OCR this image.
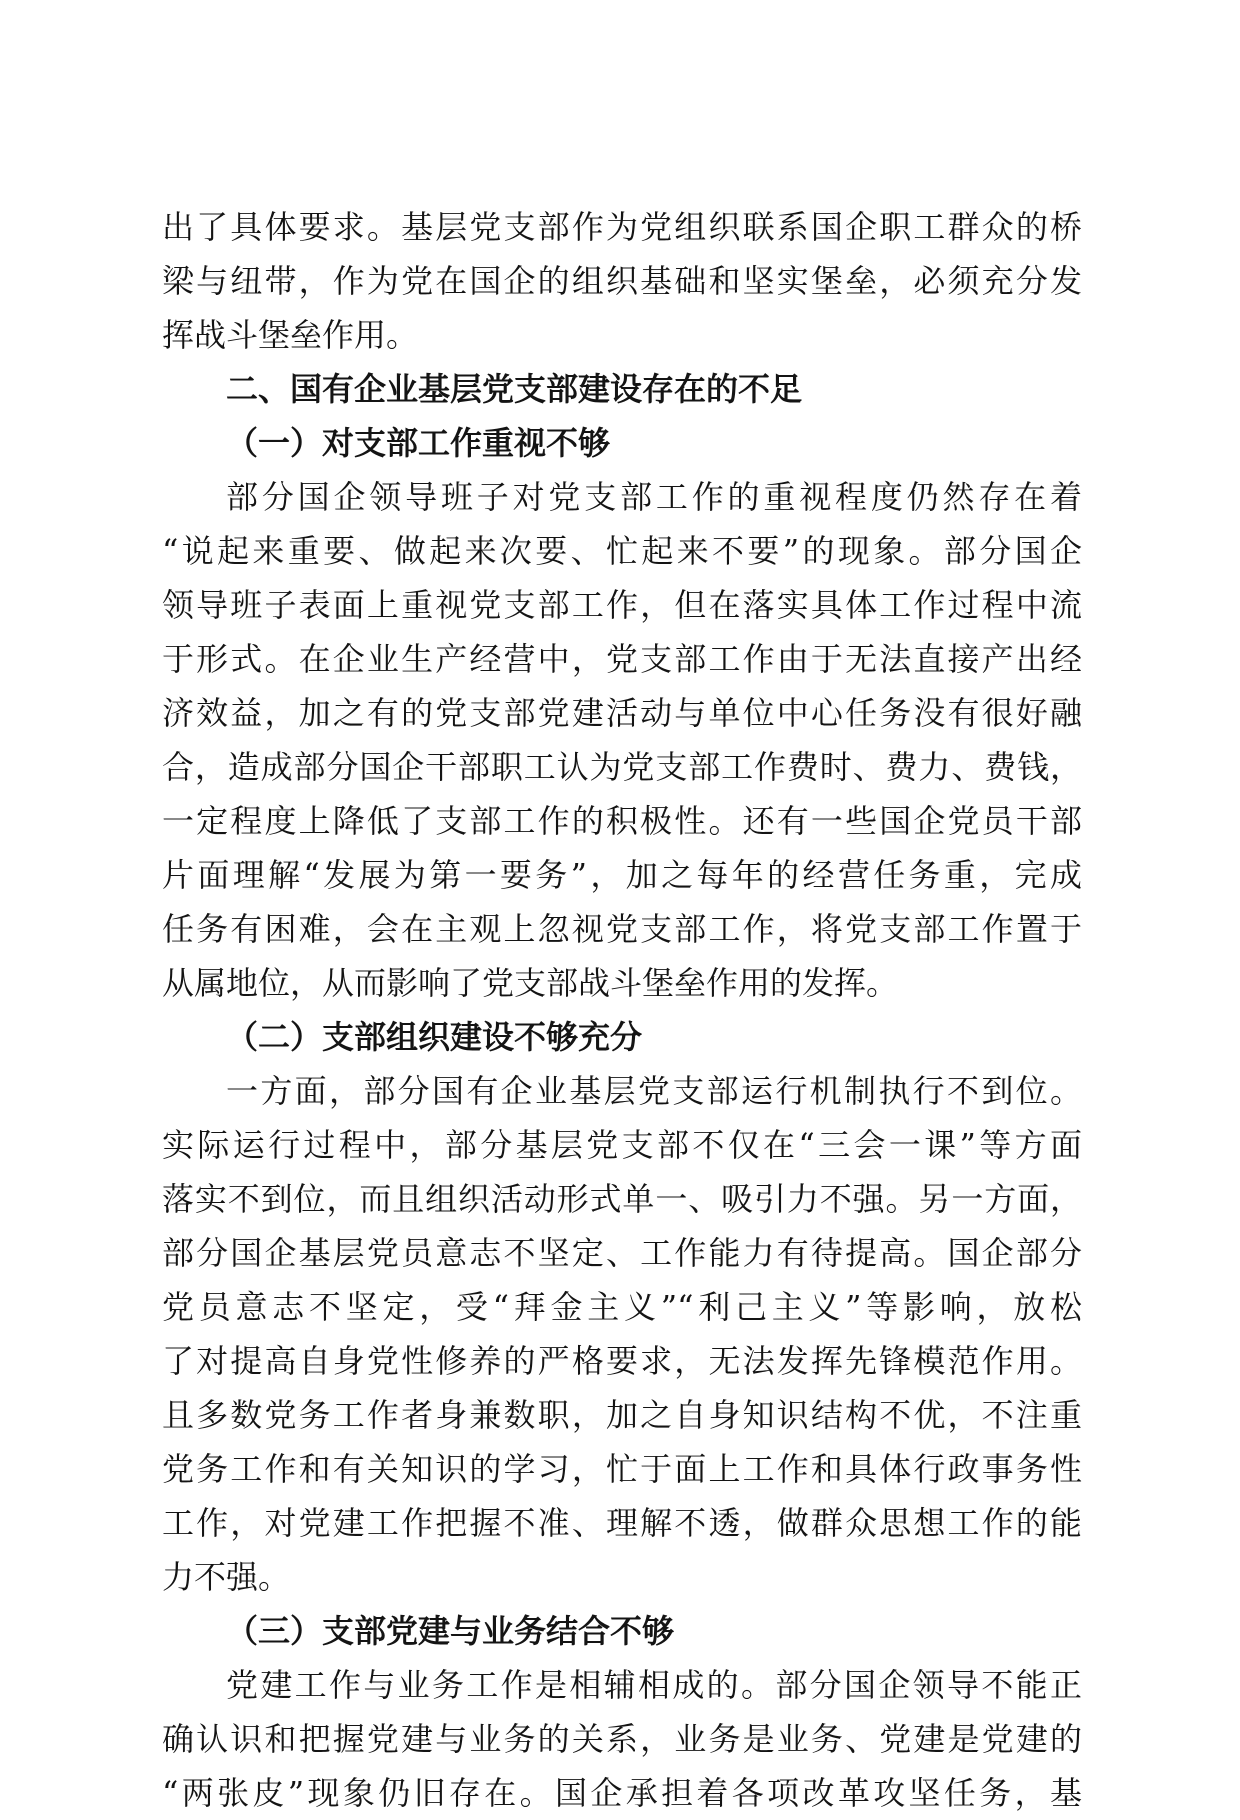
出了具体要求。基层党支部作为党组织联系国企职工群众的桥
梁与纽带，作为党在国企的组织基础和坚实堡垒，必须充分发
挥战斗堡垒作用。
二、国有企业基层党支部建设存在的不足
（一）对支部工作重视不够
部分国企领导班子对党支部工作的重视程度仍然存在着
“说起来重要、做起来次要、忙起来不要”的现象。部分国企
领导班子表面上重视党支部工作，但在落实具体工作过程中流
于形式。在企业生产经营中，党支部工作由于无法直接产出经
济效益，加之有的党支部党建活动与单位中心任务没有很好融
合，造成部分国企干部职工认为党支部工作费时、费力、费钱，
一定程度上降低了支部工作的积极性。还有一些国企党员干部
片面理解“发展为第一要务”，加之每年的经营任务重，完成
任务有困难，会在主观上忽视党支部工作，将党支部工作置于
从属地位，从而影响了党支部战斗堡垒作用的发挥。
（二）支部组织建设不够充分
一方面，部分国有企业基层党支部运行机制执行不到位。
实际运行过程中，部分基层党支部不仅在“三会一课”等方面
落实不到位，而且组织活动形式单一、吸引力不强。另一方面，
部分国企基层党员意志不坚定、工作能力有待提高。国企部分
党员意志不坚定，受“拜金主义”“利己主义”等影响，放松
了对提高自身党性修养的严格要求，无法发挥先锋模范作用。
且多数党务工作者身兼数职，加之自身知识结构不优，不注重
党务工作和有关知识的学习，忙于面上工作和具体行政事务性
工作，对党建工作把握不准、理解不透，做群众思想工作的能
力不强。
（三）支部党建与业务结合不够
党建工作与业务工作是相辅相成的。部分国企领导不能正
确认识和把握党建与业务的关系，业务是业务、党建是党建的
“两张皮”现象仍旧存在。国企承担着各项改革攻坚任务，基
